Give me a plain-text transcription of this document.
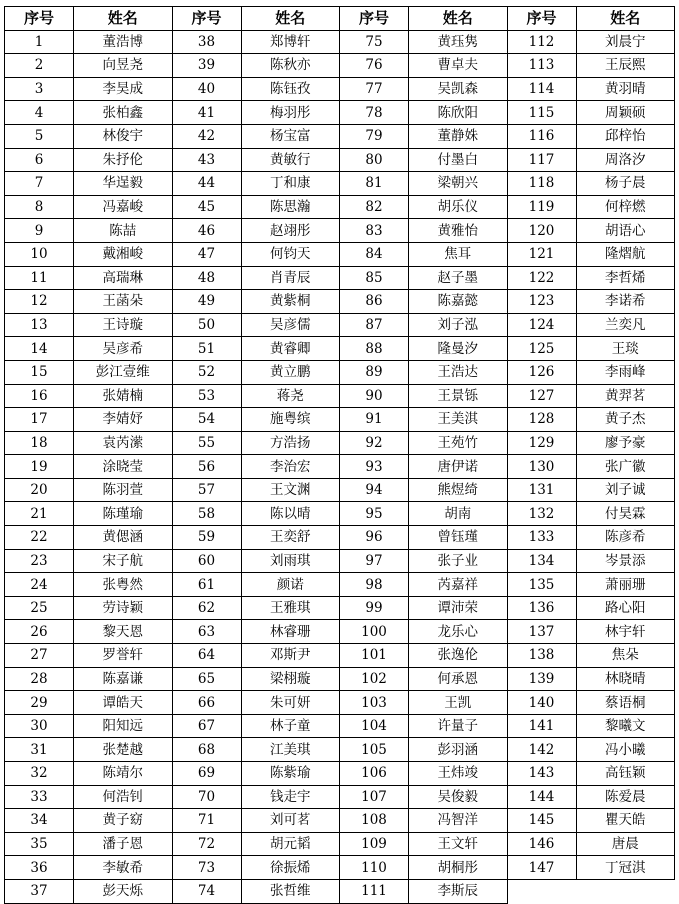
序号	姓名	序号	姓名	序号	姓名	序号	姓名
1	董浩博	38	郑博轩	75	黄珏隽	112	刘晨宁
2	向昱尧	39	陈秋亦	76	曹卓夫	113	王辰熙
3	李昊成	40	陈钰孜	77	吴凯森	114	黄羽晴
4	张柏鑫	41	梅羽彤	78	陈欣阳	115	周颖硕
5	林俊宇	42	杨宝富	79	董静姝	116	邱梓怡
6	朱抒伦	43	黄敏行	80	付墨白	117	周洛汐
7	华逞毅	44	丁和康	81	梁朝兴	118	杨子晨
8	冯嘉峻	45	陈思瀚	82	胡乐仪	119	何梓燃
9	陈喆	46	赵翊彤	83	黄雅怡	120	胡语心
10	戴湘峻	47	何钧天	84	焦耳	121	隆熠航
11	高瑞琳	48	肖青辰	85	赵子墨	122	李哲烯
12	王菡朵	49	黄紫桐	86	陈嘉懿	123	李诺希
13	王诗璇	50	吴彦儒	87	刘子泓	124	兰奕凡
14	吴彦希	51	黄睿卿	88	隆曼汐	125	王琰
15	彭江壹维	52	黄立鹏	89	王浩达	126	李雨峰
16	张婧楠	53	蒋尧	90	王景铄	127	黄羿茗
17	李婧妤	54	施粤缤	91	王美淇	128	黄子杰
18	袁芮潆	55	方浩扬	92	王苑竹	129	廖予豪
19	涂晓莹	56	李治宏	93	唐伊诺	130	张广徽
20	陈羽萱	57	王文渊	94	熊煜绮	131	刘子诚
21	陈瑾瑜	58	陈以晴	95	胡南	132	付昊霖
22	黄偲涵	59	王奕舒	96	曾钰瑾	133	陈彦希
23	宋子航	60	刘雨琪	97	张子业	134	岑景添
24	张粤然	61	颜诺	98	芮嘉祥	135	萧丽珊
25	劳诗颖	62	王雅琪	99	谭沛荣	136	路心阳
26	黎天恩	63	林睿珊	100	龙乐心	137	林宇轩
27	罗誉轩	64	邓斯尹	101	张逸伦	138	焦朵
28	陈嘉谦	65	梁栩璇	102	何承恩	139	林晓晴
29	谭皓天	66	朱可妍	103	王凯	140	蔡语桐
30	阳知远	67	林子童	104	许量子	141	黎曦文
31	张楚越	68	江美琪	105	彭羽涵	142	冯小曦
32	陈靖尔	69	陈紫瑜	106	王炜竣	143	高钰颖
33	何浩钊	70	钱走宇	107	吴俊毅	144	陈爱晨
34	黄子窈	71	刘可茗	108	冯智洋	145	瞿天皓
35	潘子恩	72	胡元韬	109	王文轩	146	唐晨
36	李敏希	73	徐振烯	110	胡桐彤	147	丁冠淇
37	彭天烁	74	张哲维	111	李斯辰		
